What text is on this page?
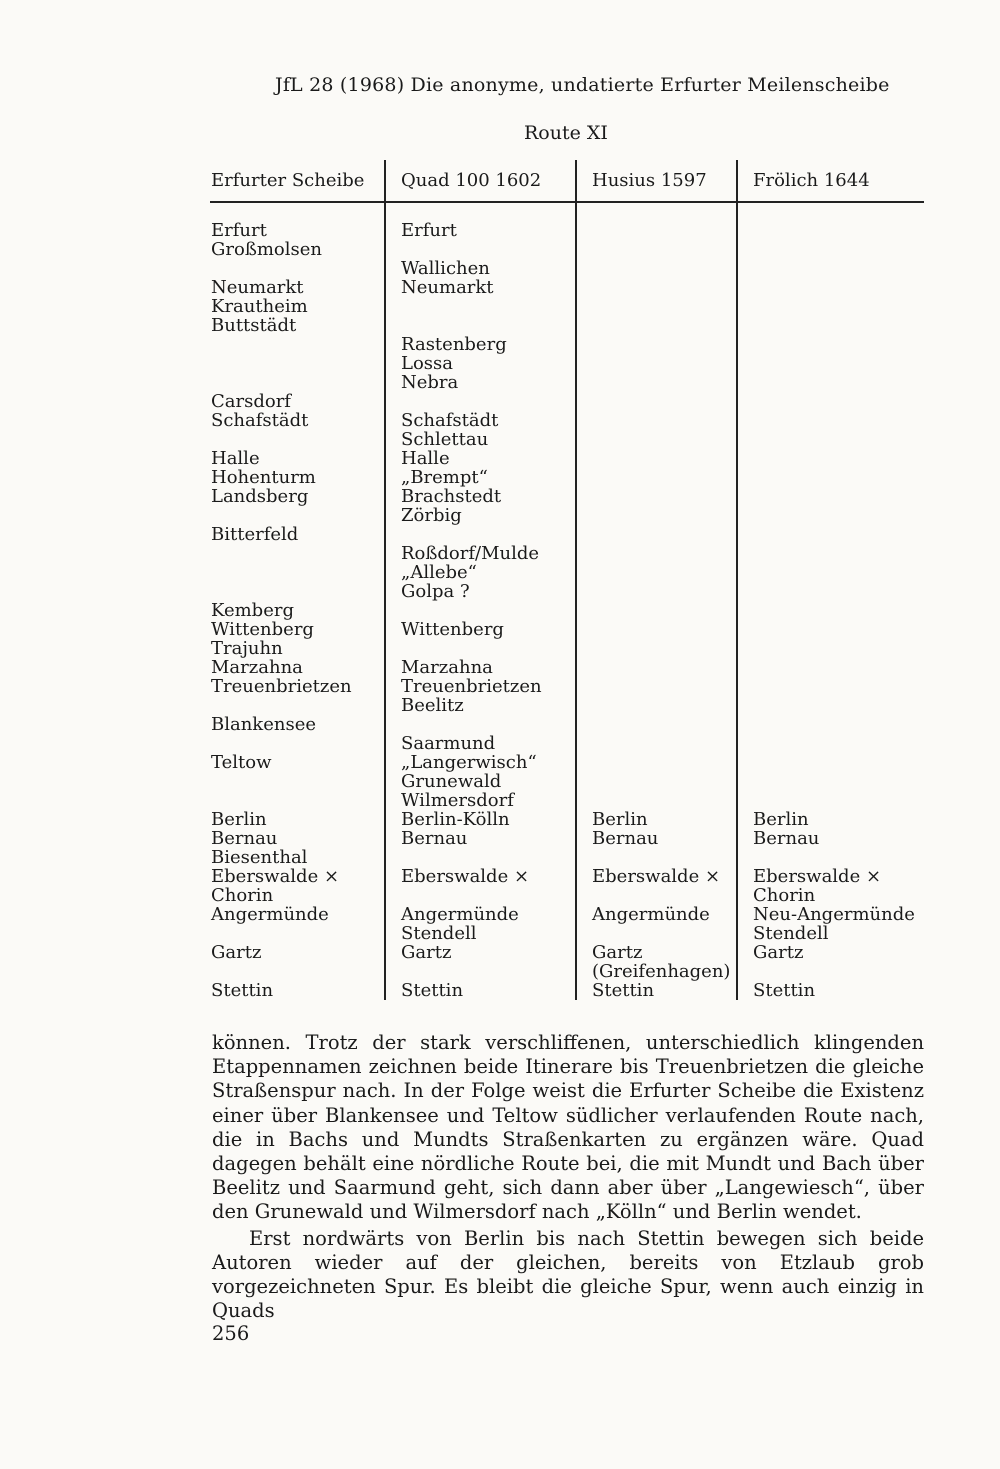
JfL 28 (1968) Die anonyme, undatierte Erfurter Meilenscheibe
Route XI
Erfurter Scheibe Quad 100 1602	Husius 1597	Frölich 1644
Erfurt
Großmolsen
Neumarkt
Krautheim
Buttstädt
Carsdorf
Schafstädt
Halle
Hohenturm
Landsberg
Bitterfeld
Kemberg
Wittenberg
Trajuhn
Marzahna
Treuenbrietzen
Blankensee
Teltow
Berlin
Bernau
Biesenthal
Eberswalde ×
Chorin
Angermünde
Gartz
Stettin
Erfurt
Wallichen
Neumarkt
Rastenberg
Lossa
Nebra
Schafstädt
Schlettau
Halle
„Brempt“
Brachstedt
Zörbig
Roßdorf/Mulde
„Allebe“
Golpa ?
Wittenberg
Marzahna
Treuenbrietzen
Beelitz
Saarmund
„Langerwisch“
Grunewald
Wilmersdorf
Berlin-Kölln
Bernau
Eberswalde ×
Angermünde
Stendell
Gartz
Stettin
Berlin
Bernau
Eberswalde ×
Angermünde
Gartz
(Greifenhagen)
Stettin
Berlin
Bernau
Eberswalde ×
Chorin
Neu-Angermünde
Stendell
Gartz
Stettin

können. Trotz der stark verschliffenen, unterschiedlich klingenden Etappennamen zeichnen beide Itinerare bis Treuenbrietzen die gleiche Straßenspur nach. In der Folge weist die Erfurter Scheibe die Existenz einer über Blankensee und Teltow südlicher verlaufenden Route nach, die in Bachs und Mundts Straßenkarten zu ergänzen wäre. Quad dagegen behält eine nördliche Route bei, die mit Mundt und Bach über Beelitz und Saarmund geht, sich dann aber über „Langewiesch“, über den Grunewald und Wilmersdorf nach „Kölln“ und Berlin wendet.

Erst nordwärts von Berlin bis nach Stettin bewegen sich beide Autoren wieder auf der gleichen, bereits von Etzlaub grob vorgezeichneten Spur. Es bleibt die gleiche Spur, wenn auch einzig in Quads

256
